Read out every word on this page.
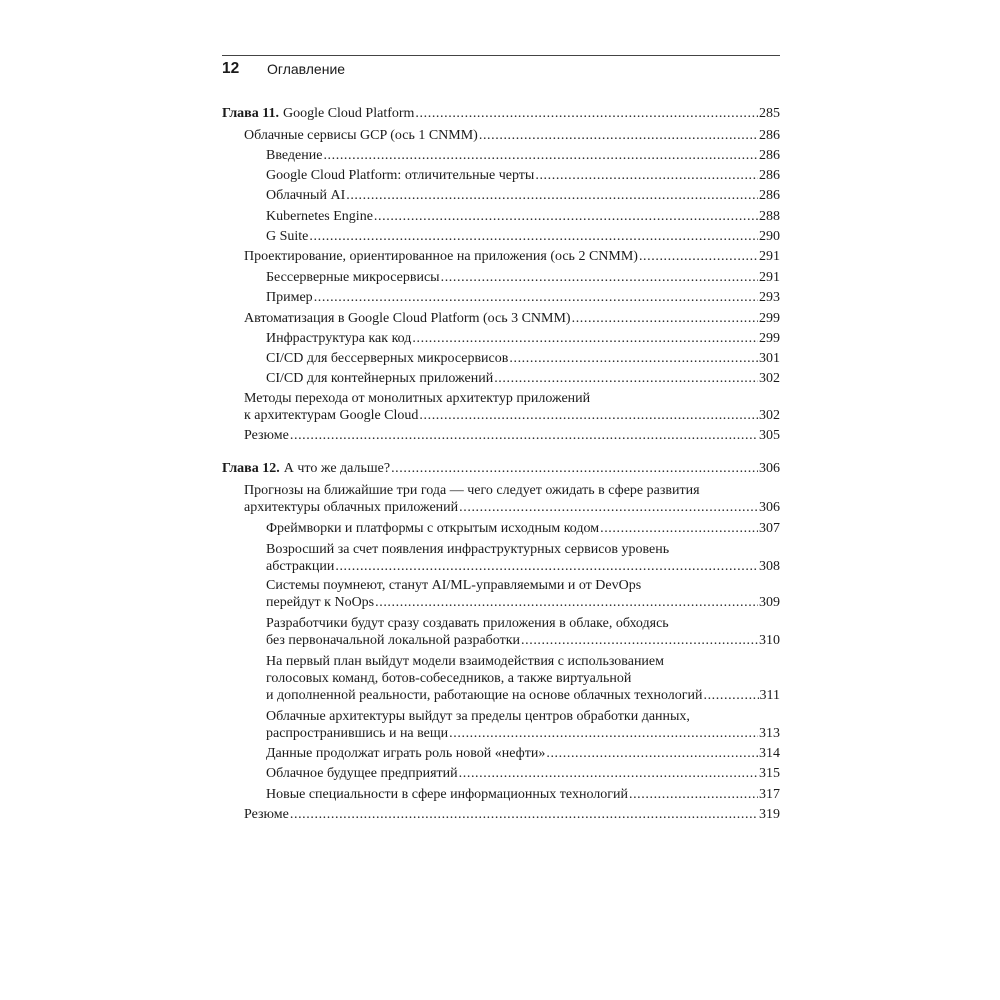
12 Оглавление
Глава 11. Google Cloud Platform .....	285
Облачные сервисы GCP (ось 1 CNMM) .....	286
Введение .....	286
Google Cloud Platform: отличительные черты .....	286
Облачный AI .....	286
Kubernetes Engine .....	288
G Suite .....	290
Проектирование, ориентированное на приложения (ось 2 CNMM) .....	291
Бессерверные микросервисы .....	291
Пример .....	293
Автоматизация в Google Cloud Platform (ось 3 CNMM) .....	299
Инфраструктура как код .....	299
CI/CD для бессерверных микросервисов .....	301
CI/CD для контейнерных приложений .....	302
Методы перехода от монолитных архитектур приложений
к архитектурам Google Cloud .....	302
Резюме .....	305
Глава 12. А что же дальше? .....	306
Прогнозы на ближайшие три года — чего следует ожидать в сфере развития
архитектуры облачных приложений .....	306
Фреймворки и платформы с открытым исходным кодом .....	307
Возросший за счет появления инфраструктурных сервисов уровень
абстракции .....	308
Системы поумнеют, станут AI/ML-управляемыми и от DevOps
перейдут к NoOps .....	309
Разработчики будут сразу создавать приложения в облаке, обходясь
без первоначальной локальной разработки .....	310
На первый план выйдут модели взаимодействия с использованием
голосовых команд, ботов-собеседников, а также виртуальной
и дополненной реальности, работающие на основе облачных технологий .....	311
Облачные архитектуры выйдут за пределы центров обработки данных,
распространившись и на вещи .....	313
Данные продолжат играть роль новой «нефти» .....	314
Облачное будущее предприятий .....	315
Новые специальности в сфере информационных технологий .....	317
Резюме .....	319
